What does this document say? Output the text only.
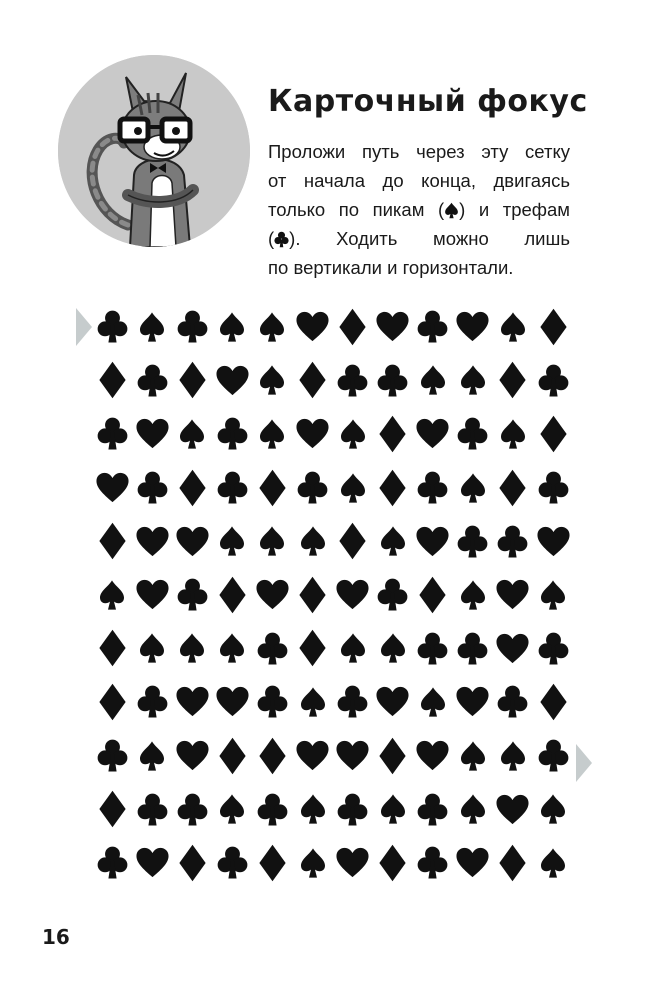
Карточный фокус
Проложи путь через эту сетку
от начала до конца, двигаясь
только по пикам ( ) и трефам
( ). Ходить можно лишь
по вертикали и горизонтали.
16
